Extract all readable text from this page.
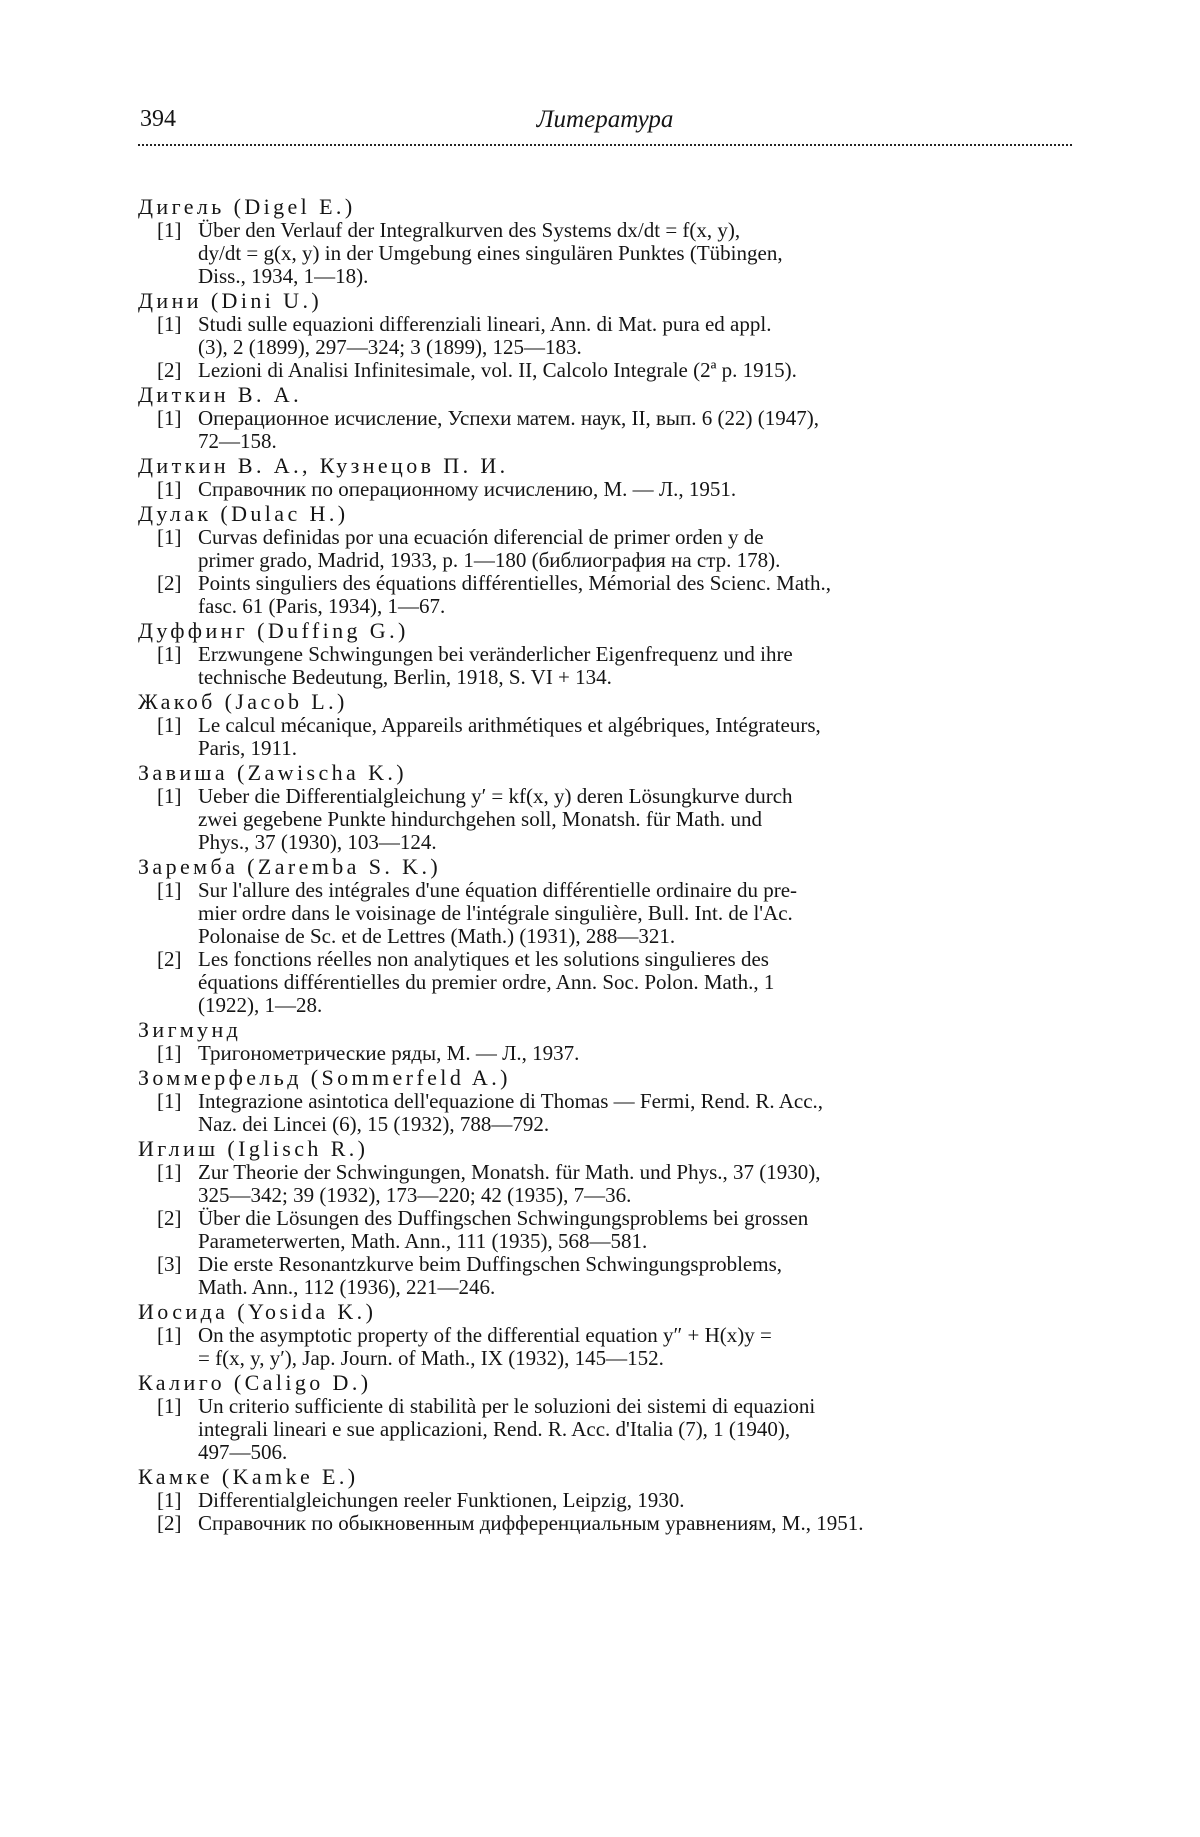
394	Литература
Дигель (Digel E.)
[1] Über den Verlauf der Integralkurven des Systems dx/dt = f(x, y),
dy/dt = g(x, y) in der Umgebung eines singulären Punktes (Tübingen,
Diss., 1934, 1—18).
Дини (Dini U.)
[1] Studi sulle equazioni differenziali lineari, Ann. di Mat. pura ed appl.
(3), 2 (1899), 297—324; 3 (1899), 125—183.
[2] Lezioni di Analisi Infinitesimale, vol. II, Calcolo Integrale (2ª p. 1915).
Диткин В. А.
[1] Операционное исчисление, Успехи матем. наук, II, вып. 6 (22) (1947),
72—158.
Диткин В. А., Кузнецов П. И.
[1] Справочник по операционному исчислению, М. — Л., 1951.
Дулак (Dulac H.)
[1] Curvas definidas por una ecuación diferencial de primer orden y de
primer grado, Madrid, 1933, p. 1—180 (библиография на стр. 178).
[2] Points singuliers des équations différentielles, Mémorial des Scienc. Math.,
fasc. 61 (Paris, 1934), 1—67.
Дуффинг (Duffing G.)
[1] Erzwungene Schwingungen bei veränderlicher Eigenfrequenz und ihre
technische Bedeutung, Berlin, 1918, S. VI + 134.
Жакоб (Jacob L.)
[1] Le calcul mécanique, Appareils arithmétiques et algébriques, Intégrateurs,
Paris, 1911.
Завиша (Zawischa K.)
[1] Ueber die Differentialgleichung y′ = kf(x, y) deren Lösungkurve durch
zwei gegebene Punkte hindurchgehen soll, Monatsh. für Math. und
Phys., 37 (1930), 103—124.
Заремба (Zaremba S. K.)
[1] Sur l'allure des intégrales d'une équation différentielle ordinaire du pre-
mier ordre dans le voisinage de l'intégrale singulière, Bull. Int. de l'Ac.
Polonaise de Sc. et de Lettres (Math.) (1931), 288—321.
[2] Les fonctions réelles non analytiques et les solutions singulieres des
équations différentielles du premier ordre, Ann. Soc. Polon. Math., 1
(1922), 1—28.
Зигмунд
[1] Тригонометрические ряды, М. — Л., 1937.
Зоммерфельд (Sommerfeld A.)
[1] Integrazione asintotica dell'equazione di Thomas — Fermi, Rend. R. Acc.,
Naz. dei Lincei (6), 15 (1932), 788—792.
Иглиш (Iglisch R.)
[1] Zur Theorie der Schwingungen, Monatsh. für Math. und Phys., 37 (1930),
325—342; 39 (1932), 173—220; 42 (1935), 7—36.
[2] Über die Lösungen des Duffingschen Schwingungsproblems bei grossen
Parameterwerten, Math. Ann., 111 (1935), 568—581.
[3] Die erste Resonantzkurve beim Duffingschen Schwingungsproblems,
Math. Ann., 112 (1936), 221—246.
Иосида (Yosida K.)
[1] On the asymptotic property of the differential equation y″ + H(x)y =
= f(x, y, y′), Jap. Journ. of Math., IX (1932), 145—152.
Калиго (Caligo D.)
[1] Un criterio sufficiente di stabilità per le soluzioni dei sistemi di equazioni
integrali lineari e sue applicazioni, Rend. R. Acc. d'Italia (7), 1 (1940),
497—506.
Камке (Kamke E.)
[1] Differentialgleichungen reeler Funktionen, Leipzig, 1930.
[2] Справочник по обыкновенным дифференциальным уравнениям, М., 1951.
